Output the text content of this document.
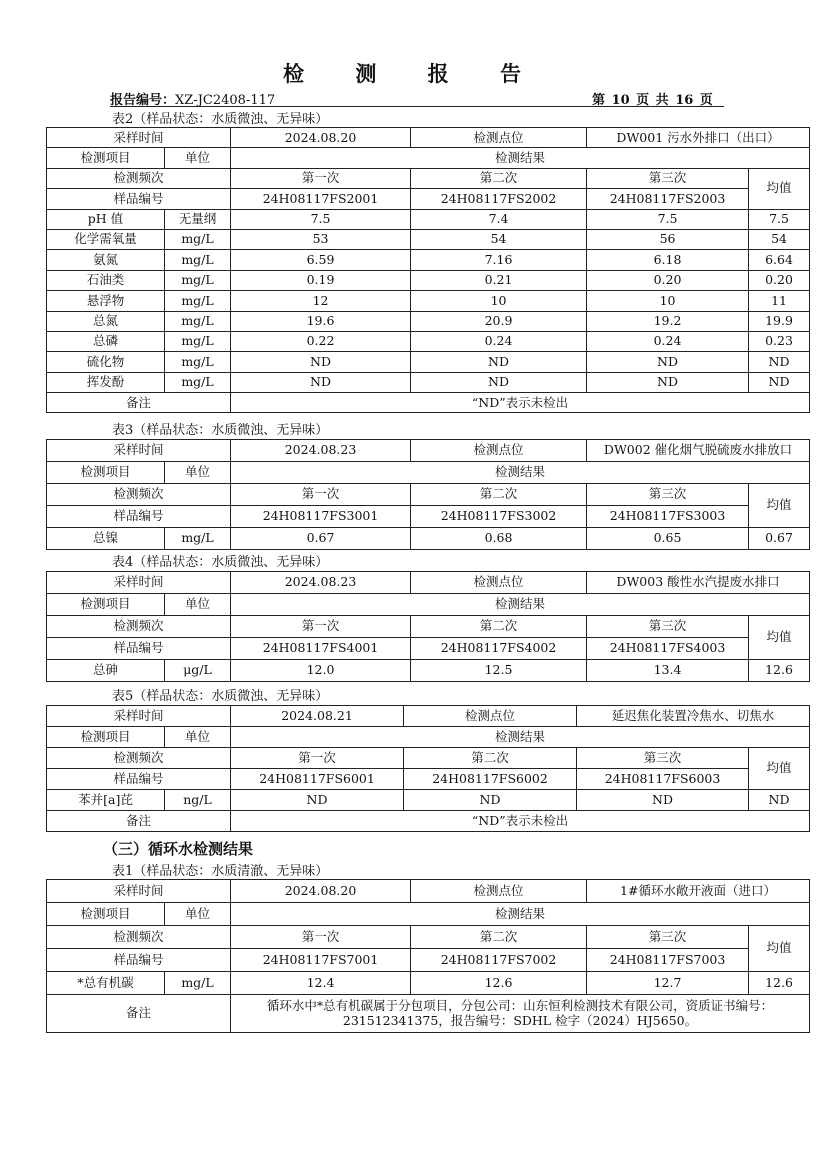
检 测 报 告
报告编号：XZ-JC2408-117	第 10 页 共 16 页
表2（样品状态：水质微浊、无异味）
采样时间		2024.08.20	检测点位	DW001 污水外排口（出口）	
检测项目	单位	检测结果			
检测频次		第一次	第二次	第三次	均值
样品编号		24H08117FS2001	24H08117FS2002	24H08117FS2003	
pH 值	无量纲	7.5	7.4	7.5	7.5
化学需氧量	mg/L	53	54	56	54
氨氮	mg/L	6.59	7.16	6.18	6.64
石油类	mg/L	0.19	0.21	0.20	0.20
悬浮物	mg/L	12	10	10	11
总氮	mg/L	19.6	20.9	19.2	19.9
总磷	mg/L	0.22	0.24	0.24	0.23
硫化物	mg/L	ND	ND	ND	ND
挥发酚	mg/L	ND	ND	ND	ND
备注		“ND”表示未检出			
表3（样品状态：水质微浊、无异味）
采样时间		2024.08.23	检测点位	DW002 催化烟气脱硫废水排放口	
检测项目	单位	检测结果			
检测频次		第一次	第二次	第三次	均值
样品编号		24H08117FS3001	24H08117FS3002	24H08117FS3003	
总镍	mg/L	0.67	0.68	0.65	0.67
表4（样品状态：水质微浊、无异味）
采样时间		2024.08.23	检测点位	DW003 酸性水汽提废水排口	
检测项目	单位	检测结果			
检测频次		第一次	第二次	第三次	均值
样品编号		24H08117FS4001	24H08117FS4002	24H08117FS4003	
总砷	μg/L	12.0	12.5	13.4	12.6
表5（样品状态：水质微浊、无异味）
采样时间		2024.08.21	检测点位	延迟焦化装置冷焦水、切焦水	
检测项目	单位	检测结果			
检测频次		第一次	第二次	第三次	均值
样品编号		24H08117FS6001	24H08117FS6002	24H08117FS6003	
苯并[a]芘	ng/L	ND	ND	ND	ND
备注		“ND”表示未检出			
（三）循环水检测结果
表1（样品状态：水质清澈、无异味）
采样时间		2024.08.20	检测点位	1#循环水敞开液面（进口）	
检测项目	单位	检测结果			
检测频次		第一次	第二次	第三次	均值
样品编号		24H08117FS7001	24H08117FS7002	24H08117FS7003	
*总有机碳	mg/L	12.4	12.6	12.7	12.6
备注		循环水中*总有机碳属于分包项目，分包公司：山东恒利检测技术有限公司，资质证书编号：
231512341375，报告编号：SDHL 检字（2024）HJ5650。			
